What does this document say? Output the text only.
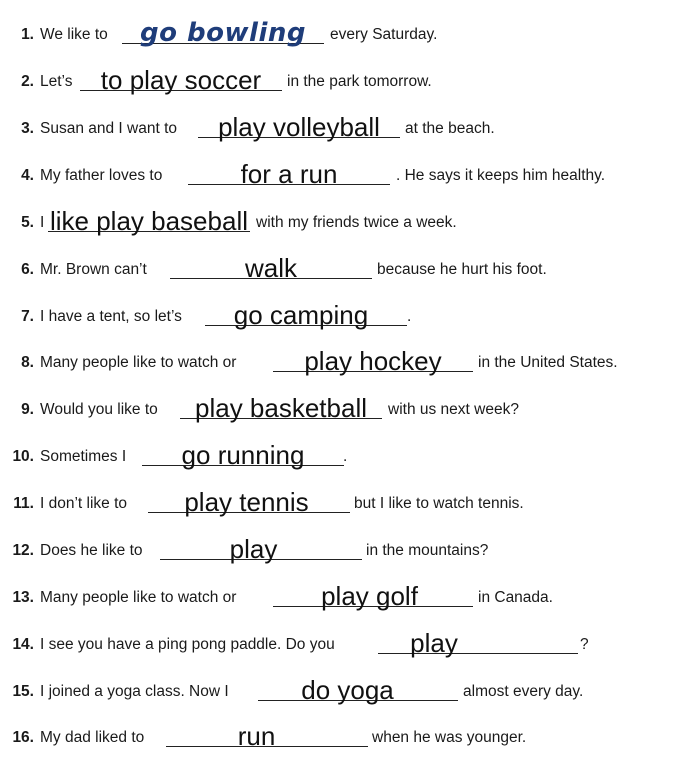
1. We like to	go bowling	every Saturday.
2. Let’s	to play soccer	in the park tomorrow.
3. Susan and I want to	play volleyball	at the beach.
4. My father loves to	for a run	. He says it keeps him healthy.
5. I like play baseball with my friends twice a week.
6. Mr. Brown can’t	walk	because he hurt his foot.
7. I have a tent, so let’s	go camping	.
8. Many people like to watch or	play hockey	in the United States.
9. Would you like to	play basketball	with us next week?
10. Sometimes I	go running	.
11. I don’t like to	play tennis	but I like to watch tennis.
12. Does he like to	play	in the mountains?
13. Many people like to watch or	play golf	in Canada.
14. I see you have a ping pong paddle. Do you	play	?
15. I joined a yoga class. Now I	do yoga	almost every day.
16. My dad liked to	run	when he was younger.
